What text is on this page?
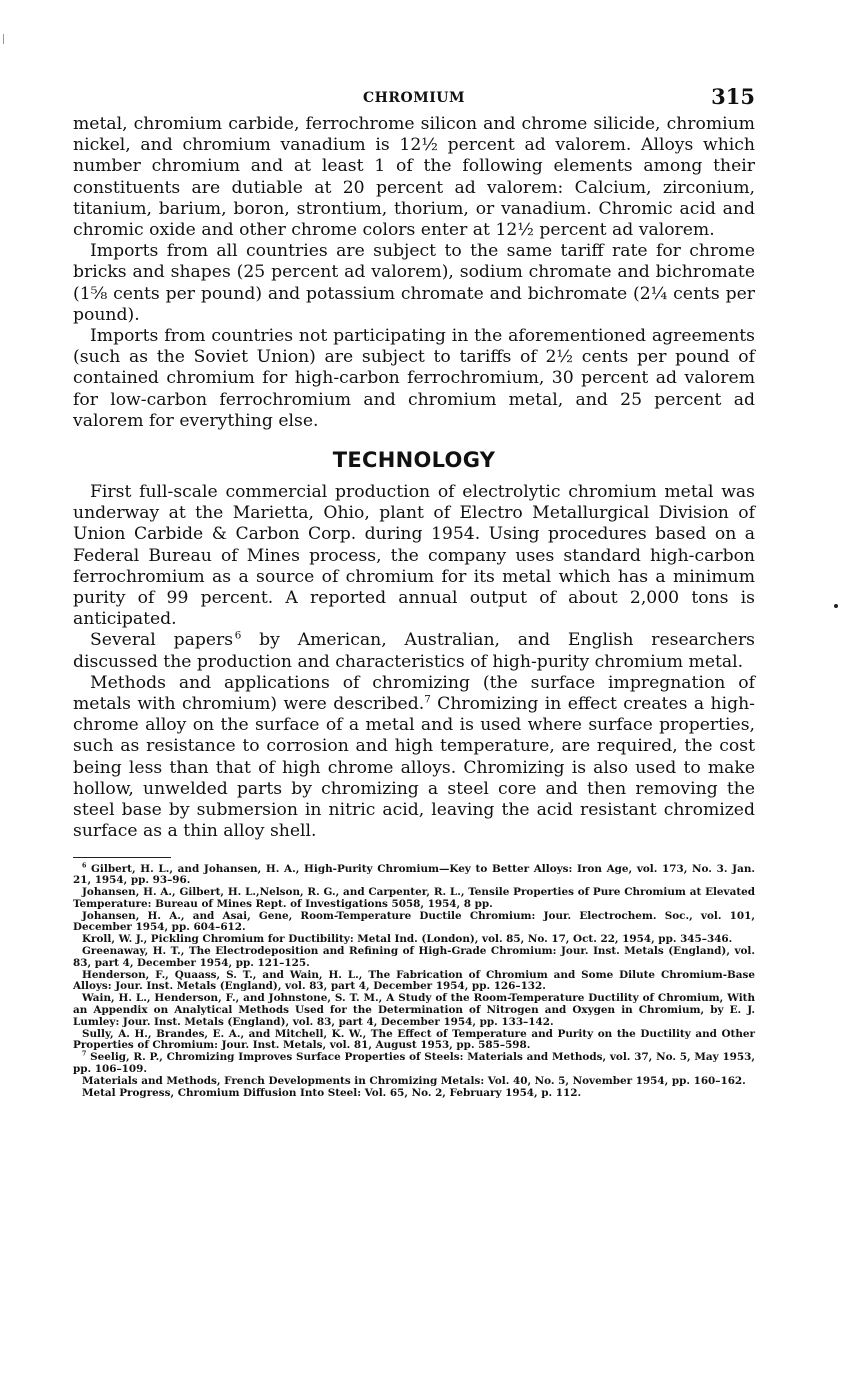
CHROMIUM	315

metal, chromium carbide, ferrochrome silicon and chrome silicide, chromium nickel, and chromium vanadium is 12½ percent ad valorem. Alloys which number chromium and at least 1 of the following elements among their constituents are dutiable at 20 percent ad valorem: Calcium, zirconium, titanium, barium, boron, strontium, thorium, or vanadium. Chromic acid and chromic oxide and other chrome colors enter at 12½ percent ad valorem.

Imports from all countries are subject to the same tariff rate for chrome bricks and shapes (25 percent ad valorem), sodium chromate and bichromate (1⅝ cents per pound) and potassium chromate and bichromate (2¼ cents per pound).

Imports from countries not participating in the aforementioned agreements (such as the Soviet Union) are subject to tariffs of 2½ cents per pound of contained chromium for high-carbon ferrochromium, 30 percent ad valorem for low-carbon ferrochromium and chromium metal, and 25 percent ad valorem for everything else.

TECHNOLOGY

First full-scale commercial production of electrolytic chromium metal was underway at the Marietta, Ohio, plant of Electro Metallurgical Division of Union Carbide & Carbon Corp. during 1954. Using procedures based on a Federal Bureau of Mines process, the company uses standard high-carbon ferrochromium as a source of chromium for its metal which has a minimum purity of 99 percent. A reported annual output of about 2,000 tons is anticipated.

Several papers  $^6$ by American, Australian, and English researchers discussed the production and characteristics of high-purity chromium metal.

Methods and applications of chromizing (the surface impregnation of metals with chromium) were described.$^7$ Chromizing in effect creates a high-chrome alloy on the surface of a metal and is used where surface properties, such as resistance to corrosion and high temperature, are required, the cost being less than that of high chrome alloys. Chromizing is also used to make hollow, unwelded parts by chromizing a steel core and then removing the steel base by submersion in nitric acid, leaving the acid resistant chromized surface as a thin alloy shell.

$^6$ Gilbert, H. L., and Johansen, H. A., High-Purity Chromium—Key to Better Alloys: Iron Age, vol. 173, No. 3. Jan. 21, 1954, pp. 93–96.

Johansen, H. A., Gilbert, H. L.,Nelson, R. G., and Carpenter, R. L., Tensile Properties of Pure Chromium at Elevated Temperature: Bureau of Mines Rept. of Investigations 5058, 1954, 8 pp.

Johansen, H. A., and Asai, Gene, Room-Temperature Ductile Chromium: Jour. Electrochem. Soc., vol. 101, December 1954, pp. 604–612.

Kroll, W. J., Pickling Chromium for Ductibility: Metal Ind. (London), vol. 85, No. 17, Oct. 22, 1954, pp. 345–346.

Greenaway, H. T., The Electrodeposition and Refining of High-Grade Chromium: Jour. Inst. Metals (England), vol. 83, part 4, December 1954, pp. 121–125.

Henderson, F., Quaass, S. T., and Wain, H. L., The Fabrication of Chromium and Some Dilute Chromium-Base Alloys: Jour. Inst. Metals (England), vol. 83, part 4, December 1954, pp. 126–132.

Wain, H. L., Henderson, F., and Johnstone, S. T. M., A Study of the Room-Temperature Ductility of Chromium, With an Appendix on Analytical Methods Used for the Determination of Nitrogen and Oxygen in Chromium, by E. J. Lumley: Jour. Inst. Metals (England), vol. 83, part 4, December 1954, pp. 133–142.

Sully, A. H., Brandes, E. A., and Mitchell, K. W., The Effect of Temperature and Purity on the Ductility and Other Properties of Chromium: Jour. Inst. Metals, vol. 81, August 1953, pp. 585–598.

$^7$ Seelig, R. P., Chromizing Improves Surface Properties of Steels: Materials and Methods, vol. 37, No. 5, May 1953, pp. 106–109.

Materials and Methods, French Developments in Chromizing Metals: Vol. 40, No. 5, November 1954, pp. 160–162.

Metal Progress, Chromium Diffusion Into Steel: Vol. 65, No. 2, February 1954, p. 112.
